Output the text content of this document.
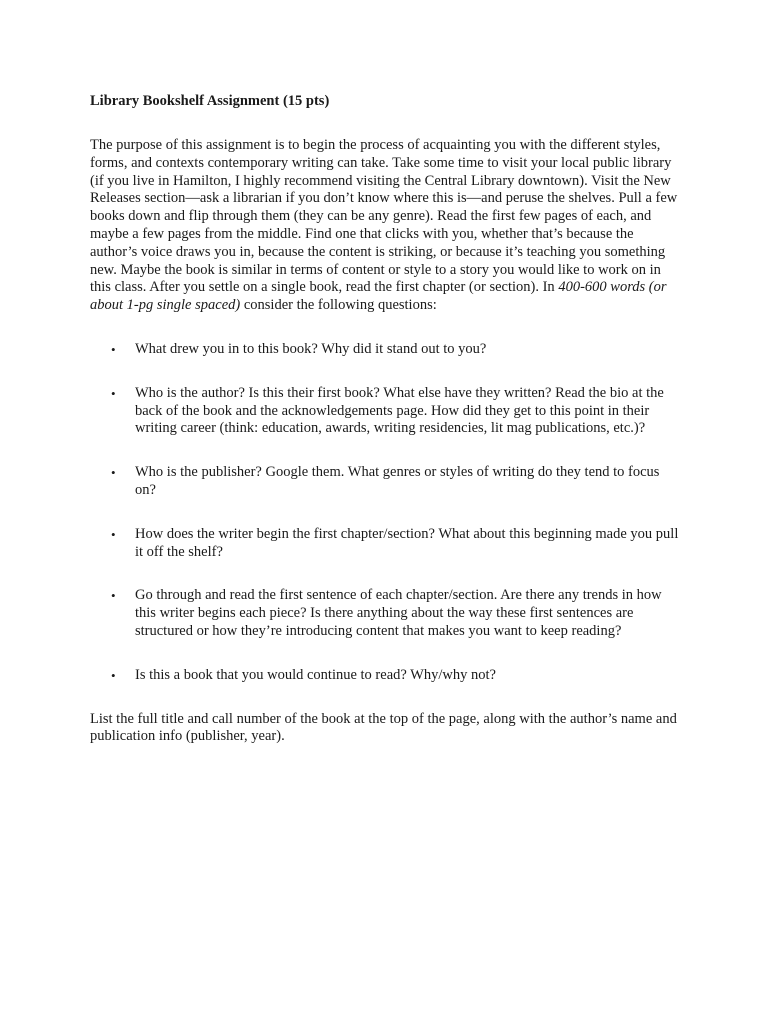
Library Bookshelf Assignment (15 pts)

The purpose of this assignment is to begin the process of acquainting you with the different styles, forms, and contexts contemporary writing can take. Take some time to visit your local public library (if you live in Hamilton, I highly recommend visiting the Central Library downtown). Visit the New Releases section—ask a librarian if you don’t know where this is—and peruse the shelves. Pull a few books down and flip through them (they can be any genre). Read the first few pages of each, and maybe a few pages from the middle. Find one that clicks with you, whether that’s because the author’s voice draws you in, because the content is striking, or because it’s teaching you something new. Maybe the book is similar in terms of content or style to a story you would like to work on in this class. After you settle on a single book, read the first chapter (or section). In 400-600 words (or about 1-pg single spaced) consider the following questions:

• What drew you in to this book? Why did it stand out to you?
• Who is the author? Is this their first book? What else have they written? Read the bio at the back of the book and the acknowledgements page. How did they get to this point in their writing career (think: education, awards, writing residencies, lit mag publications, etc.)?
• Who is the publisher? Google them. What genres or styles of writing do they tend to focus on?
• How does the writer begin the first chapter/section? What about this beginning made you pull it off the shelf?
• Go through and read the first sentence of each chapter/section. Are there any trends in how this writer begins each piece? Is there anything about the way these first sentences are structured or how they’re introducing content that makes you want to keep reading?
• Is this a book that you would continue to read? Why/why not?

List the full title and call number of the book at the top of the page, along with the author’s name and publication info (publisher, year).
